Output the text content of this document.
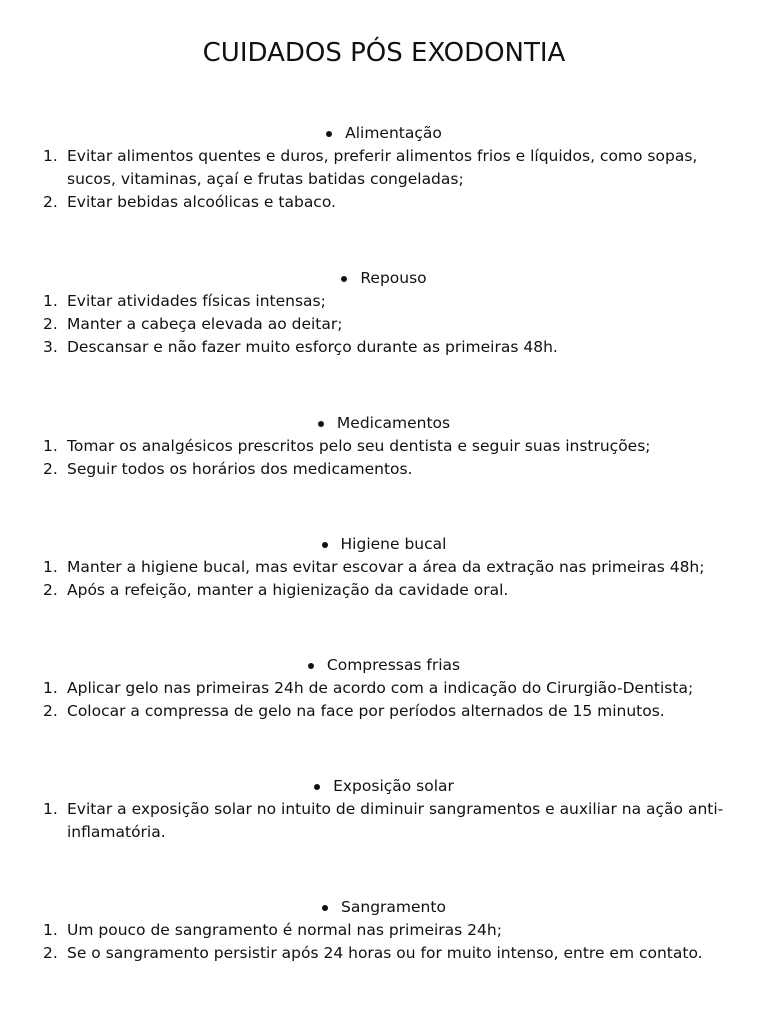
CUIDADOS PÓS EXODONTIA
Alimentação
1. Evitar alimentos quentes e duros, preferir alimentos frios e líquidos, como sopas, sucos, vitaminas, açaí e frutas batidas congeladas;
2. Evitar bebidas alcoólicas e tabaco.
Repouso
1. Evitar atividades físicas intensas;
2. Manter a cabeça elevada ao deitar;
3. Descansar e não fazer muito esforço durante as primeiras 48h.
Medicamentos
1. Tomar os analgésicos prescritos pelo seu dentista e seguir suas instruções;
2. Seguir todos os horários dos medicamentos.
Higiene bucal
1. Manter a higiene bucal, mas evitar escovar a área da extração nas primeiras 48h;
2. Após a refeição, manter a higienização da cavidade oral.
Compressas frias
1. Aplicar gelo nas primeiras 24h de acordo com a indicação do Cirurgião-Dentista;
2. Colocar a compressa de gelo na face por períodos alternados de 15 minutos.
Exposição solar
1. Evitar a exposição solar no intuito de diminuir sangramentos e auxiliar na ação anti-inflamatória.
Sangramento
1. Um pouco de sangramento é normal nas primeiras 24h;
2. Se o sangramento persistir após 24 horas ou for muito intenso, entre em contato.
